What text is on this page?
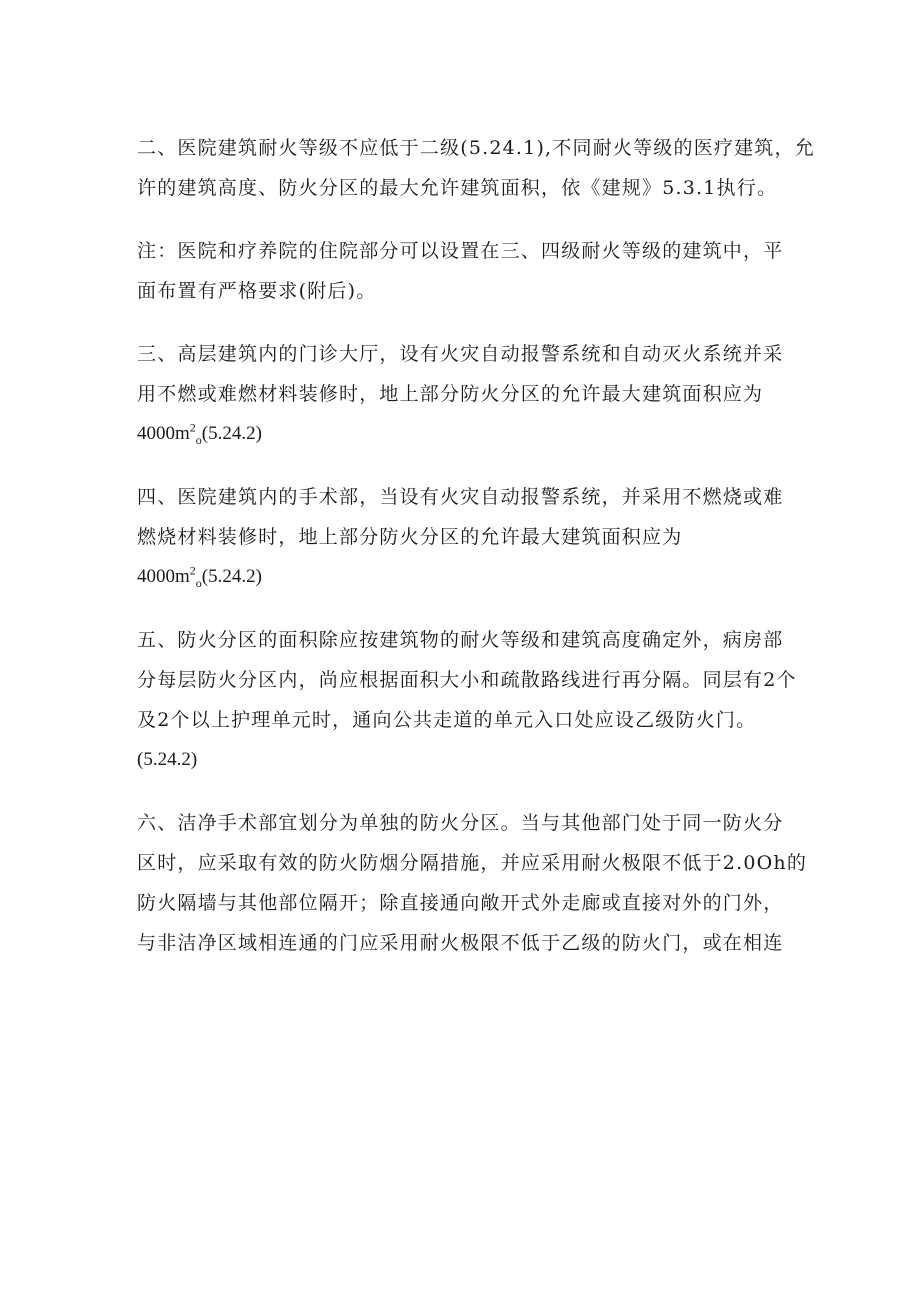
二、医院建筑耐火等级不应低于二级(5.24.1),不同耐火等级的医疗建筑，允
许的建筑高度、防火分区的最大允许建筑面积，依《建规》5.3.1执行。
注：医院和疗养院的住院部分可以设置在三、四级耐火等级的建筑中，平
面布置有严格要求(附后)。
三、高层建筑内的门诊大厅，设有火灾自动报警系统和自动灭火系统并采
用不燃或难燃材料装修时，地上部分防火分区的允许最大建筑面积应为
$4000m^2_o(5.24.2)$
四、医院建筑内的手术部，当设有火灾自动报警系统，并采用不燃烧或难
燃烧材料装修时，地上部分防火分区的允许最大建筑面积应为
$4000m^2_o(5.24.2)$
五、防火分区的面积除应按建筑物的耐火等级和建筑高度确定外，病房部
分每层防火分区内，尚应根据面积大小和疏散路线进行再分隔。同层有2个
及2个以上护理单元时，通向公共走道的单元入口处应设乙级防火门。
(5.24.2)
六、洁净手术部宜划分为单独的防火分区。当与其他部门处于同一防火分
区时，应采取有效的防火防烟分隔措施，并应采用耐火极限不低于2.0Oh的
防火隔墙与其他部位隔开；除直接通向敞开式外走廊或直接对外的门外，
与非洁净区域相连通的门应采用耐火极限不低于乙级的防火门，或在相连
